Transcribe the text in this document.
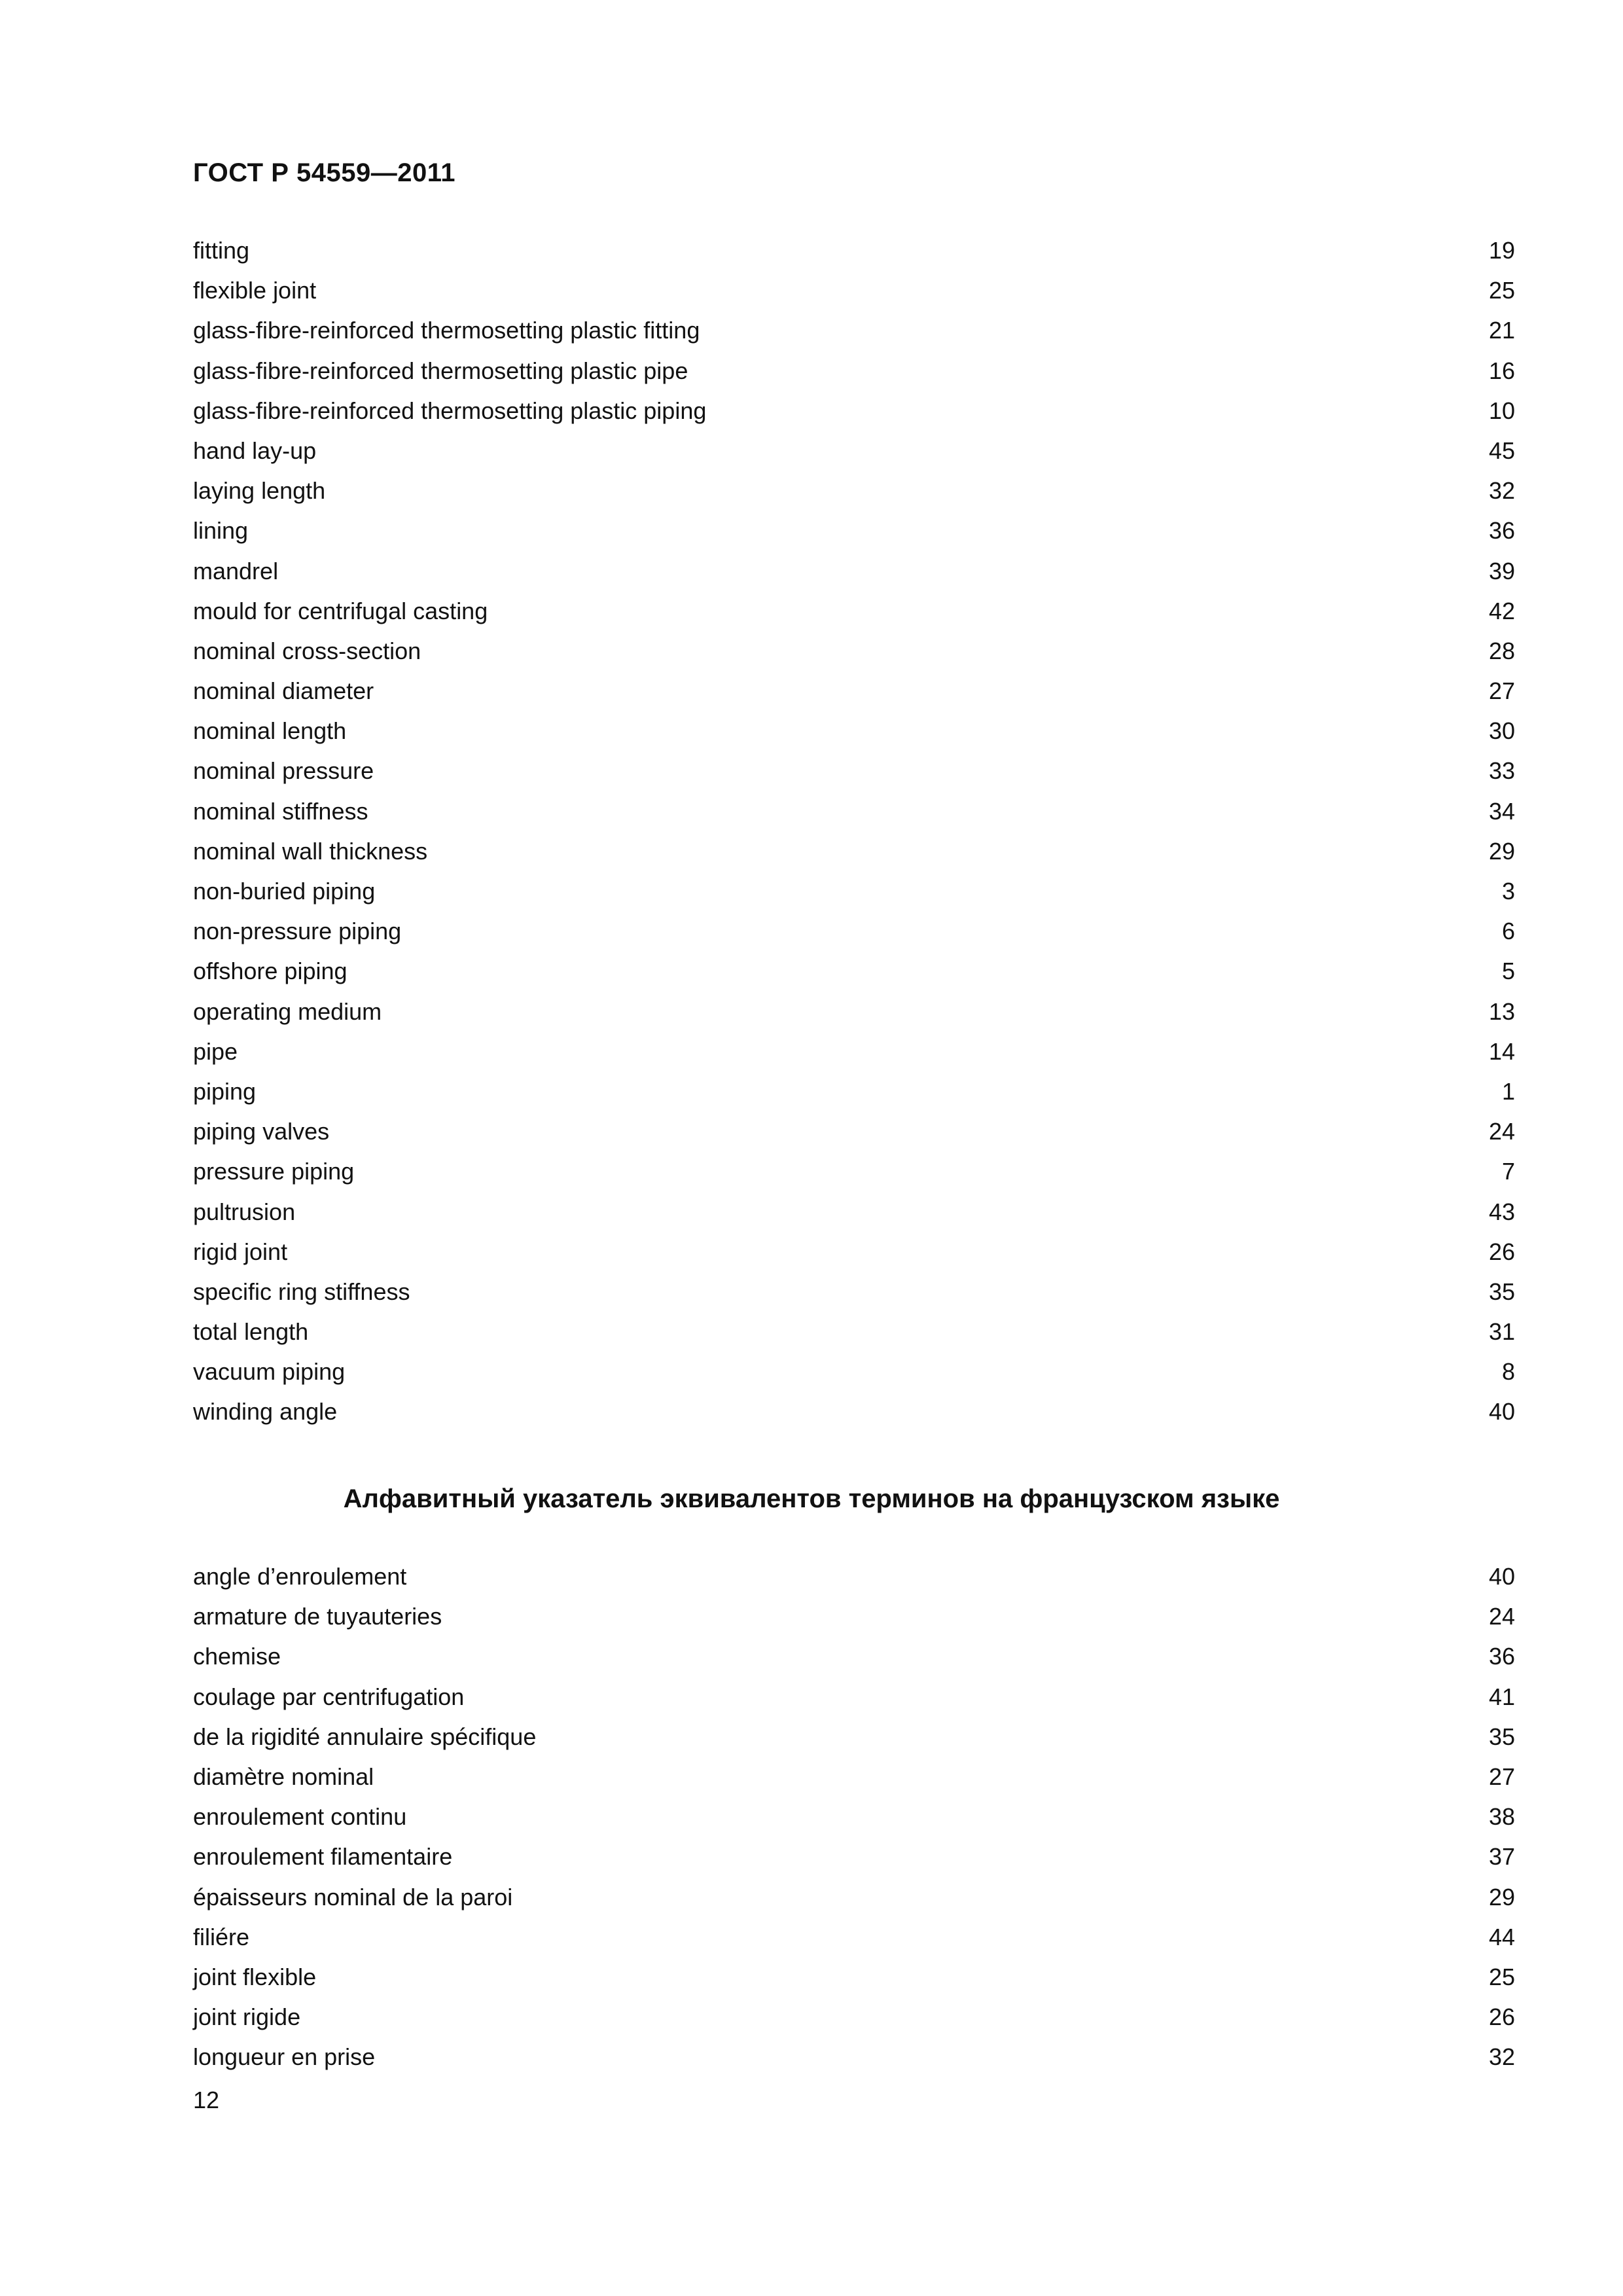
ГОСТ Р 54559—2011
fitting	19
flexible joint	25
glass-fibre-reinforced thermosetting plastic fitting	21
glass-fibre-reinforced thermosetting plastic pipe	16
glass-fibre-reinforced thermosetting plastic piping	10
hand lay-up	45
laying length	32
lining	36
mandrel	39
mould for centrifugal casting	42
nominal cross-section	28
nominal diameter	27
nominal length	30
nominal pressure	33
nominal stiffness	34
nominal wall thickness	29
non-buried piping	3
non-pressure piping	6
offshore piping	5
operating medium	13
pipe	14
piping	1
piping valves	24
pressure piping	7
pultrusion	43
rigid joint	26
specific ring stiffness	35
total length	31
vacuum piping	8
winding angle	40
Алфавитный указатель эквивалентов терминов на французском языке
angle d’enroulement	40
armature de tuyauteries	24
chemise	36
coulage par centrifugation	41
de la rigidité annulaire spécifique	35
diamètre nominal	27
enroulement continu	38
enroulement filamentaire	37
épaisseurs nominal de la paroi	29
filiére	44
joint flexible	25
joint rigide	26
longueur en prise	32
12
